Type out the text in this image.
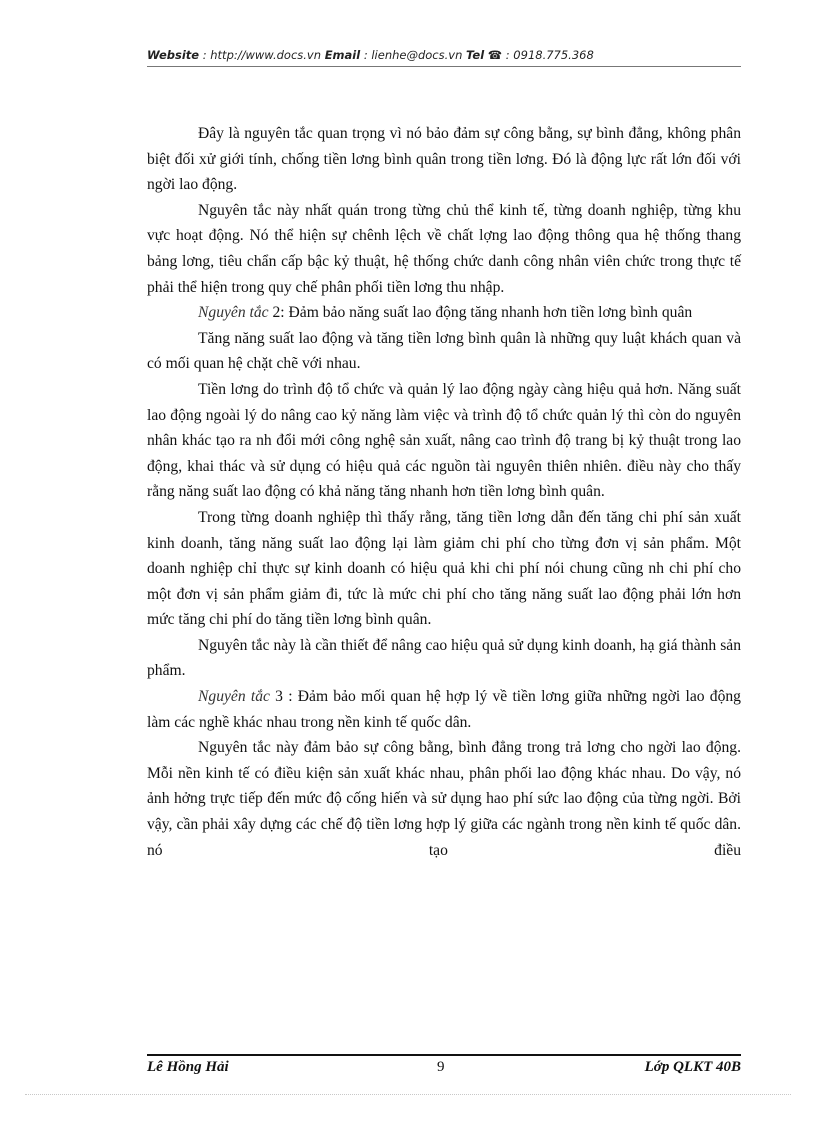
Website : http://www.docs.vn Email : lienhe@docs.vn Tel ☎ : 0918.775.368

Đây là nguyên tắc quan trọng vì nó bảo đảm sự công bằng, sự bình đẳng, không phân biệt đối xử giới tính, chống tiền lơng bình quân trong tiền lơng. Đó là động lực rất lớn đối với ngời lao động.

Nguyên tắc này nhất quán trong từng chủ thể kinh tế, từng doanh nghiệp, từng khu vực hoạt động. Nó thể hiện sự chênh lệch về chất lợng lao động thông qua hệ thống thang bảng lơng, tiêu chẩn cấp bậc kỷ thuật, hệ thống chức danh công nhân viên chức trong thực tế phải thể hiện trong quy chế phân phối tiền lơng thu nhập.

Nguyên tắc 2: Đảm bảo năng suất lao động tăng nhanh hơn tiền lơng bình quân

Tăng năng suất lao động và tăng tiền lơng bình quân là những quy luật khách quan và có mối quan hệ chặt chẽ với nhau.

Tiền lơng do trình độ tổ chức và quản lý lao động ngày càng hiệu quả hơn. Năng suất lao động ngoài lý do nâng cao kỷ năng làm việc và trình độ tổ chức quản lý thì còn do nguyên nhân khác tạo ra nh đổi mới công nghệ sản xuất, nâng cao trình độ trang bị kỷ thuật trong lao động, khai thác và sử dụng có hiệu quả các nguồn tài nguyên thiên nhiên. điều này cho thấy rằng năng suất lao động có khả năng tăng nhanh hơn tiền lơng bình quân.

Trong từng doanh nghiệp thì thấy rằng, tăng tiền lơng dẫn đến tăng chi phí sản xuất kinh doanh, tăng năng suất lao động lại làm giảm chi phí cho từng đơn vị sản phẩm. Một doanh nghiệp chỉ thực sự kinh doanh có hiệu quả khi chi phí nói chung cũng nh chi phí cho một đơn vị sản phẩm giảm đi, tức là mức chi phí cho tăng năng suất lao động phải lớn hơn mức tăng chi phí do tăng tiền lơng bình quân.

Nguyên tắc này là cần thiết để nâng cao hiệu quả sử dụng kinh doanh, hạ giá thành sản phẩm.

Nguyên tắc 3 : Đảm bảo mối quan hệ hợp lý về tiền lơng giữa những ngời lao động làm các nghề khác nhau trong nền kinh tế quốc dân.

Nguyên tắc này đảm bảo sự công bằng, bình đẳng trong trả lơng cho ngời lao động. Mỗi nền kinh tế có điều kiện sản xuất khác nhau, phân phối lao động khác nhau. Do vậy, nó ảnh hởng trực tiếp đến mức độ cống hiến và sử dụng hao phí sức lao động của từng ngời. Bởi vậy, cần phải xây dựng các chế độ tiền lơng hợp lý giữa các ngành trong nền kinh tế quốc dân. nó tạo điều

Lê Hồng Hải	9	Lớp QLKT 40B
